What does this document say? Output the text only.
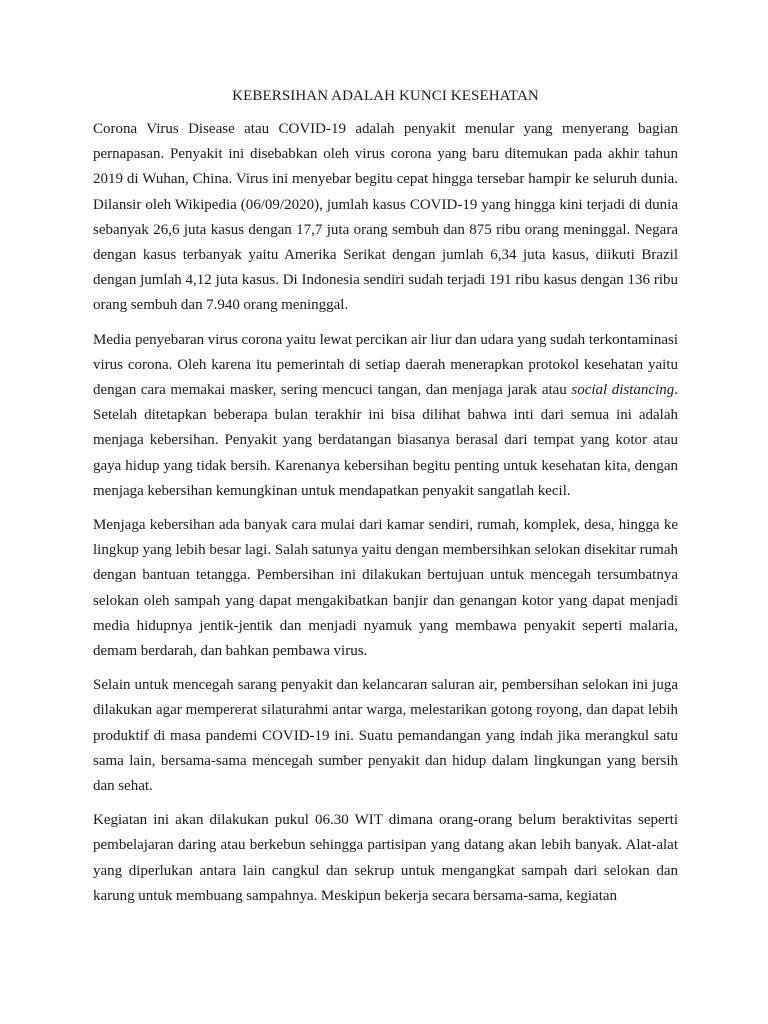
KEBERSIHAN ADALAH KUNCI KESEHATAN

Corona Virus Disease atau COVID-19 adalah penyakit menular yang menyerang bagian pernapasan. Penyakit ini disebabkan oleh virus corona yang baru ditemukan pada akhir tahun 2019 di Wuhan, China. Virus ini menyebar begitu cepat hingga tersebar hampir ke seluruh dunia. Dilansir oleh Wikipedia (06/09/2020), jumlah kasus COVID-19 yang hingga kini terjadi di dunia sebanyak 26,6 juta kasus dengan 17,7 juta orang sembuh dan 875 ribu orang meninggal. Negara dengan kasus terbanyak yaitu Amerika Serikat dengan jumlah 6,34 juta kasus, diikuti Brazil dengan jumlah 4,12 juta kasus. Di Indonesia sendiri sudah terjadi 191 ribu kasus dengan 136 ribu orang sembuh dan 7.940 orang meninggal.

Media penyebaran virus corona yaitu lewat percikan air liur dan udara yang sudah terkontaminasi virus corona. Oleh karena itu pemerintah di setiap daerah menerapkan protokol kesehatan yaitu dengan cara memakai masker, sering mencuci tangan, dan menjaga jarak atau social distancing. Setelah ditetapkan beberapa bulan terakhir ini bisa dilihat bahwa inti dari semua ini adalah menjaga kebersihan. Penyakit yang berdatangan biasanya berasal dari tempat yang kotor atau gaya hidup yang tidak bersih. Karenanya kebersihan begitu penting untuk kesehatan kita, dengan menjaga kebersihan kemungkinan untuk mendapatkan penyakit sangatlah kecil.

Menjaga kebersihan ada banyak cara mulai dari kamar sendiri, rumah, komplek, desa, hingga ke lingkup yang lebih besar lagi. Salah satunya yaitu dengan membersihkan selokan disekitar rumah dengan bantuan tetangga. Pembersihan ini dilakukan bertujuan untuk mencegah tersumbatnya selokan oleh sampah yang dapat mengakibatkan banjir dan genangan kotor yang dapat menjadi media hidupnya jentik-jentik dan menjadi nyamuk yang membawa penyakit seperti malaria, demam berdarah, dan bahkan pembawa virus.

Selain untuk mencegah sarang penyakit dan kelancaran saluran air, pembersihan selokan ini juga dilakukan agar mempererat silaturahmi antar warga, melestarikan gotong royong, dan dapat lebih produktif di masa pandemi COVID-19 ini. Suatu pemandangan yang indah jika merangkul satu sama lain, bersama-sama mencegah sumber penyakit dan hidup dalam lingkungan yang bersih dan sehat.

Kegiatan ini akan dilakukan pukul 06.30 WIT dimana orang-orang belum beraktivitas seperti pembelajaran daring atau berkebun sehingga partisipan yang datang akan lebih banyak. Alat-alat yang diperlukan antara lain cangkul dan sekrup untuk mengangkat sampah dari selokan dan karung untuk membuang sampahnya. Meskipun bekerja secara bersama-sama, kegiatan
